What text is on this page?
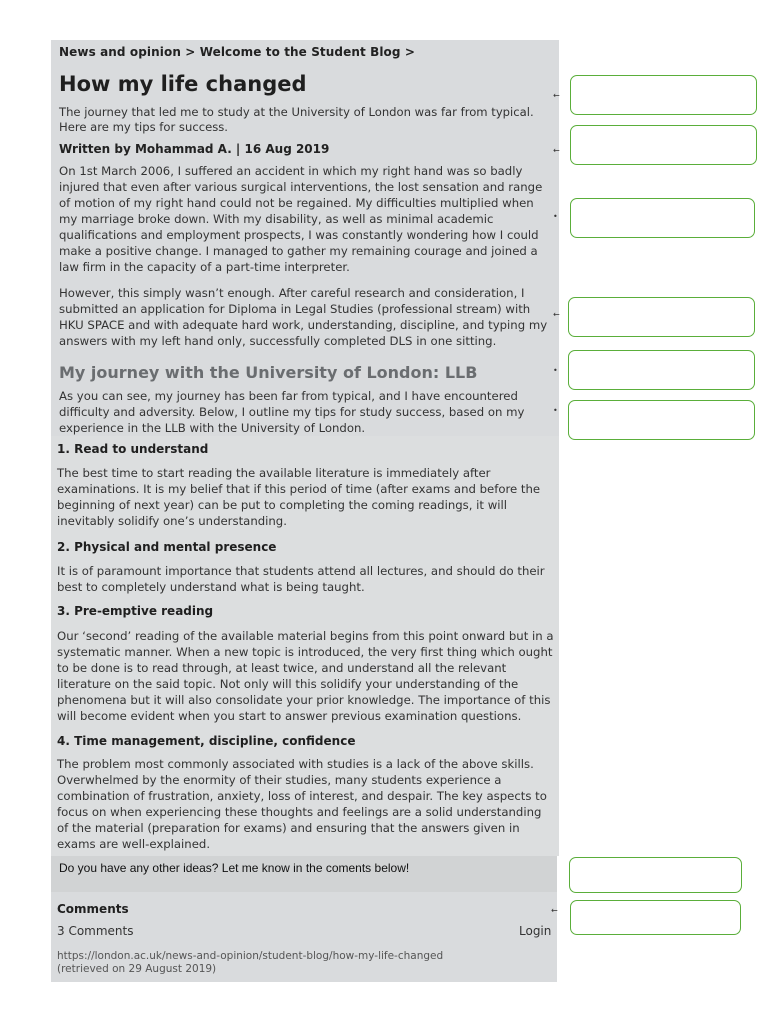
News and opinion > Welcome to the Student Blog >
How my life changed
The journey that led me to study at the University of London was far from typical. Here are my tips for success.
Written by Mohammad A. | 16 Aug 2019
On 1st March 2006, I suffered an accident in which my right hand was so badly injured that even after various surgical interventions, the lost sensation and range of motion of my right hand could not be regained. My difficulties multiplied when my marriage broke down. With my disability, as well as minimal academic qualifications and employment prospects, I was constantly wondering how I could make a positive change. I managed to gather my remaining courage and joined a law firm in the capacity of a part-time interpreter.
However, this simply wasn’t enough. After careful research and consideration, I submitted an application for Diploma in Legal Studies (professional stream) with HKU SPACE and with adequate hard work, understanding, discipline, and typing my answers with my left hand only, successfully completed DLS in one sitting.
My journey with the University of London: LLB
As you can see, my journey has been far from typical, and I have encountered difficulty and adversity. Below, I outline my tips for study success, based on my experience in the LLB with the University of London.
1. Read to understand
The best time to start reading the available literature is immediately after examinations. It is my belief that if this period of time (after exams and before the beginning of next year) can be put to completing the coming readings, it will inevitably solidify one’s understanding.
2. Physical and mental presence
It is of paramount importance that students attend all lectures, and should do their best to completely understand what is being taught.
3. Pre-emptive reading
Our ‘second’ reading of the available material begins from this point onward but in a systematic manner. When a new topic is introduced, the very first thing which ought to be done is to read through, at least twice, and understand all the relevant literature on the said topic. Not only will this solidify your understanding of the phenomena but it will also consolidate your prior knowledge. The importance of this will become evident when you start to answer previous examination questions.
4. Time management, discipline, confidence
The problem most commonly associated with studies is a lack of the above skills. Overwhelmed by the enormity of their studies, many students experience a combination of frustration, anxiety, loss of interest, and despair. The key aspects to focus on when experiencing these thoughts and feelings are a solid understanding of the material (preparation for exams) and ensuring that the answers given in exams are well-explained.
Do you have any other ideas? Let me know in the coments below!
Comments
3 Comments	Login
https://london.ac.uk/news-and-opinion/student-blog/how-my-life-changed
(retrieved on 29 August 2019)
←
←
•
←
•
•
←
